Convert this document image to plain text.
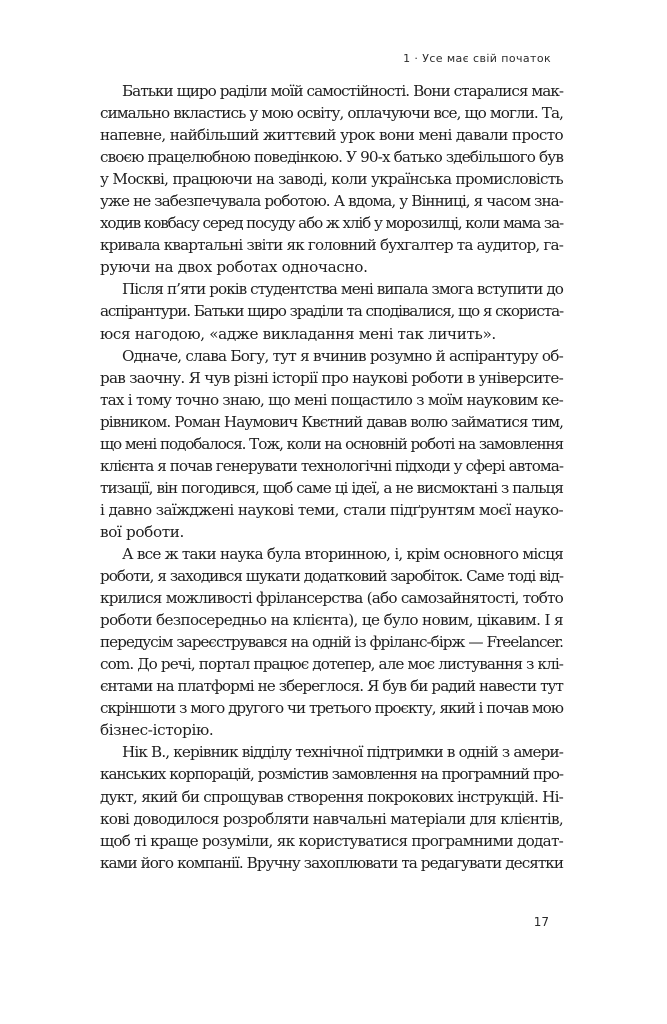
1 · Усе має свій початок
Батьки щиро раділи моїй самостійності. Вони старалися мак-
симально вкластись у мою освіту, оплачуючи все, що могли. Та,
напевне, найбільший життєвий урок вони мені давали просто
своєю працелюбною поведінкою. У 90-х батько здебільшого був
у Москві, працюючи на заводі, коли українська промисловість
уже не забезпечувала роботою. А вдома, у Вінниці, я часом зна-
ходив ковбасу серед посуду або ж хліб у морозилці, коли мама за-
кривала квартальні звіти як головний бухгалтер та аудитор, га-
руючи на двох роботах одночасно.
Після п’яти років студентства мені випала змога вступити до
аспірантури. Батьки щиро зраділи та сподівалися, що я скориста-
юся нагодою, «адже викладання мені так личить».
Одначе, слава Богу, тут я вчинив розумно й аспірантуру об-
рав заочну. Я чув різні історії про наукові роботи в університе-
тах і тому точно знаю, що мені пощастило з моїм науковим ке-
рівником. Роман Наумович Квєтний давав волю займатися тим,
що мені подобалося. Тож, коли на основній роботі на замовлення
клієнта я почав генерувати технологічні підходи у сфері автома-
тизації, він погодився, щоб саме ці ідеї, а не висмоктані з пальця
і давно заїжджені наукові теми, стали підґрунтям моєї науко-
вої роботи.
А все ж таки наука була вторинною, і, крім основного місця
роботи, я заходився шукати додатковий заробіток. Саме тоді від-
крилися можливості фрілансерства (або самозайнятості, тобто
роботи безпосередньо на клієнта), це було новим, цікавим. І я
передусім зареєструвався на одній із фріланс-бірж — Freelancer.
com. До речі, портал працює дотепер, але моє листування з клі-
єнтами на платформі не збереглося. Я був би радий навести тут
скріншоти з мого другого чи третього проєкту, який і почав мою
бізнес-історію.
Нік В., керівник відділу технічної підтримки в одній з амери-
канських корпорацій, розмістив замовлення на програмний про-
дукт, який би спрощував створення покрокових інструкцій. Ні-
кові доводилося розробляти навчальні матеріали для клієнтів,
щоб ті краще розуміли, як користуватися програмними додат-
ками його компанії. Вручну захоплювати та редагувати десятки
17
